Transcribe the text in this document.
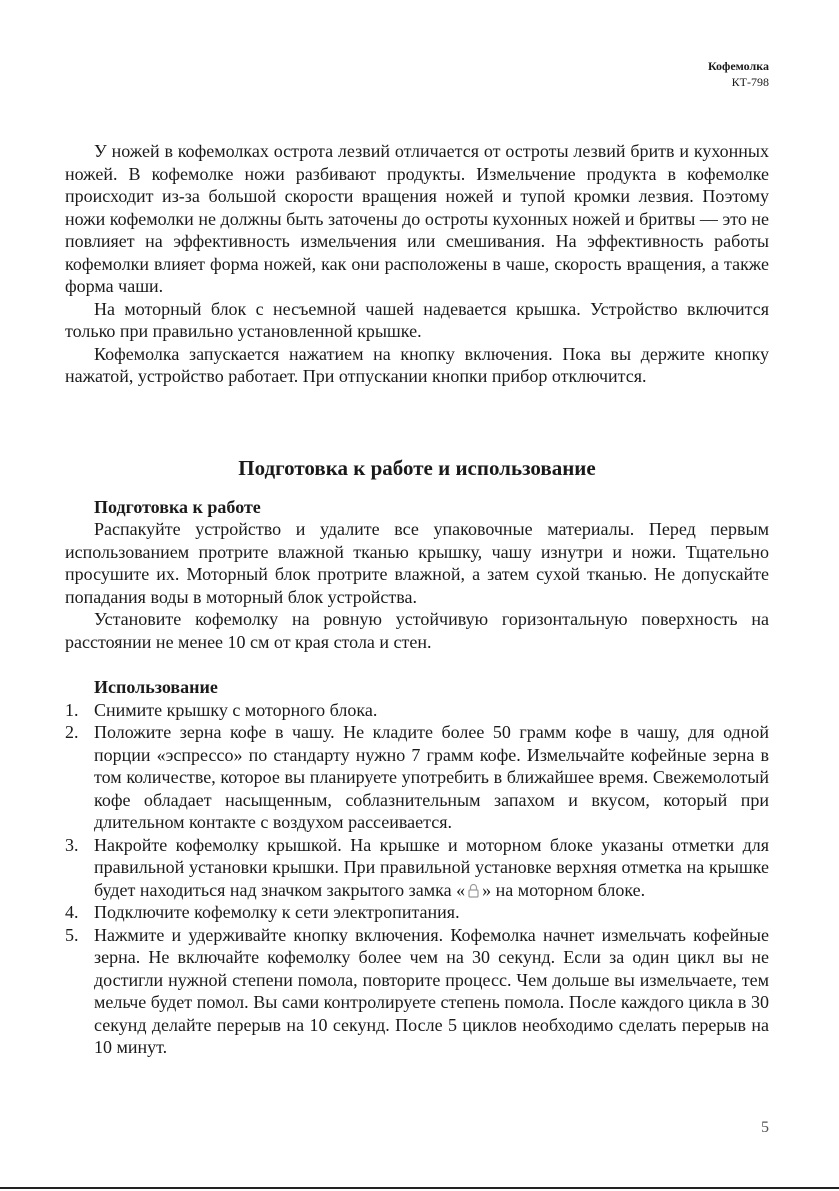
Кофемолка
КТ-798

У ножей в кофемолках острота лезвий отличается от остроты лезвий бритв и кухонных ножей. В кофемолке ножи разбивают продукты. Измельчение продукта в кофемолке происходит из-за большой скорости вращения ножей и тупой кромки лезвия. Поэтому ножи кофемолки не должны быть заточены до остроты кухонных ножей и бритвы — это не повлияет на эффективность измельчения или смешивания. На эффективность работы кофемолки влияет форма ножей, как они расположены в чаше, скорость вращения, а также форма чаши.

На моторный блок с несъемной чашей надевается крышка. Устройство включится только при правильно установленной крышке.

Кофемолка запускается нажатием на кнопку включения. Пока вы держите кнопку нажатой, устройство работает. При отпускании кнопки прибор отключится.

Подготовка к работе и использование
Подготовка к работе

Распакуйте устройство и удалите все упаковочные материалы. Перед первым использованием протрите влажной тканью крышку, чашу изнутри и ножи. Тщательно просушите их. Моторный блок протрите влажной, а затем сухой тканью. Не допускайте попадания воды в моторный блок устройства.

Установите кофемолку на ровную устойчивую горизонтальную поверхность на расстоянии не менее 10 см от края стола и стен.

Использование
1. Снимите крышку с моторного блока.
2. Положите зерна кофе в чашу. Не кладите более 50 грамм кофе в чашу, для одной порции «эспрессо» по стандарту нужно 7 грамм кофе. Измельчайте кофейные зерна в том количестве, которое вы планируете употребить в ближайшее время. Свежемолотый кофе обладает насыщенным, соблазнительным запахом и вкусом, который при длительном контакте с воздухом рассеивается.
3. Накройте кофемолку крышкой. На крышке и моторном блоке указаны отметки для правильной установки крышки. При правильной установке верхняя отметка на крышке будет находиться над значком закрытого замка « » на моторном блоке.
4. Подключите кофемолку к сети электропитания.
5. Нажмите и удерживайте кнопку включения. Кофемолка начнет измельчать кофейные зерна. Не включайте кофемолку более чем на 30 секунд. Если за один цикл вы не достигли нужной степени помола, повторите процесс. Чем дольше вы измельчаете, тем мельче будет помол. Вы сами контролируете степень помола. После каждого цикла в 30 секунд делайте перерыв на 10 секунд. После 5 циклов необходимо сделать перерыв на 10 минут.
5
